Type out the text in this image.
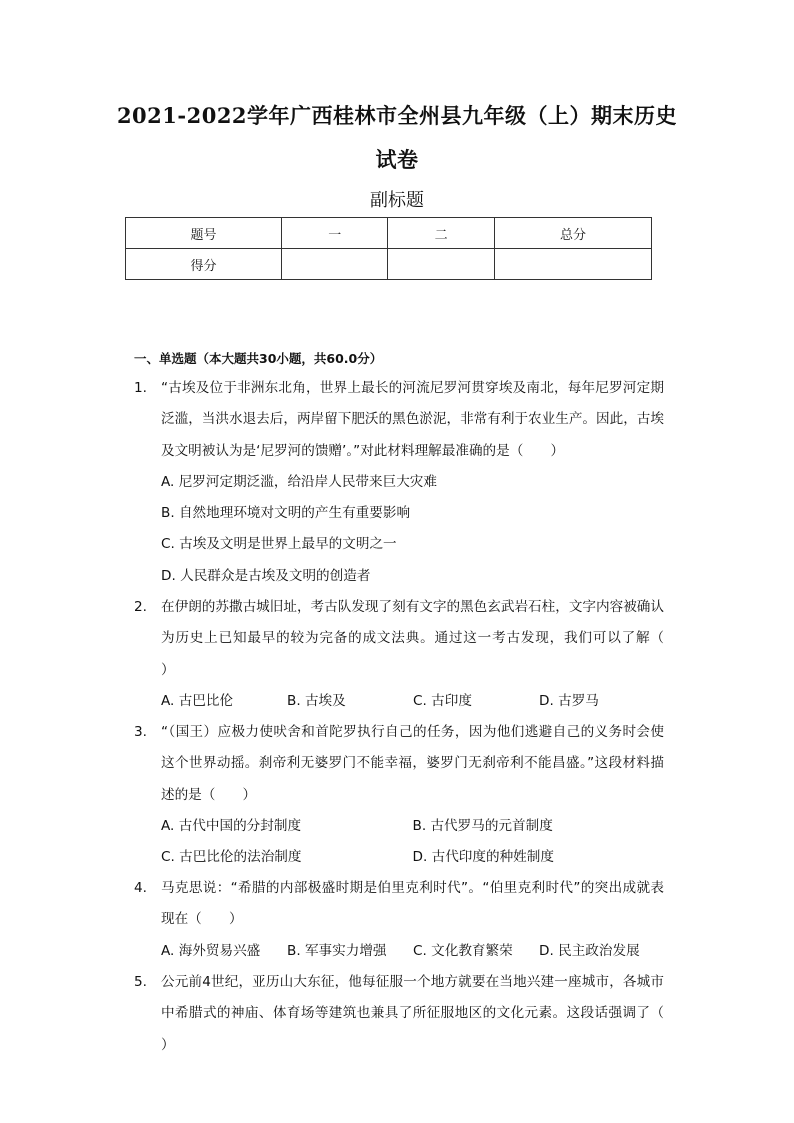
2021-2022学年广西桂林市全州县九年级（上）期末历史
试卷
副标题
题号	一	二	总分
得分			
一、单选题（本大题共30小题，共60.0分）
1.	“古埃及位于非洲东北角，世界上最长的河流尼罗河贯穿埃及南北，每年尼罗河定期泛滥，当洪水退去后，两岸留下肥沃的黑色淤泥，非常有利于农业生产。因此，古埃及文明被认为是‘尼罗河的馈赠’。”对此材料理解最准确的是（　　）
A. 尼罗河定期泛滥，给沿岸人民带来巨大灾难
B. 自然地理环境对文明的产生有重要影响
C. 古埃及文明是世界上最早的文明之一
D. 人民群众是古埃及文明的创造者
2.	在伊朗的苏撒古城旧址，考古队发现了刻有文字的黑色玄武岩石柱，文字内容被确认为历史上已知最早的较为完备的成文法典。通过这一考古发现，我们可以了解（　　）
A. 古巴比伦	B. 古埃及	C. 古印度	D. 古罗马
3.	“（国王）应极力使吠舍和首陀罗执行自己的任务，因为他们逃避自己的义务时会使这个世界动摇。刹帝利无婆罗门不能幸福，婆罗门无刹帝利不能昌盛。”这段材料描述的是（　　）
A. 古代中国的分封制度	B. 古代罗马的元首制度
C. 古巴比伦的法治制度	D. 古代印度的种姓制度
4.	马克思说：“希腊的内部极盛时期是伯里克利时代”。“伯里克利时代”的突出成就表现在（　　）
A. 海外贸易兴盛	B. 军事实力增强	C. 文化教育繁荣	D. 民主政治发展
5.	公元前4世纪，亚历山大东征，他每征服一个地方就要在当地兴建一座城市，各城市中希腊式的神庙、体育场等建筑也兼具了所征服地区的文化元素。这段话强调了（　　）
